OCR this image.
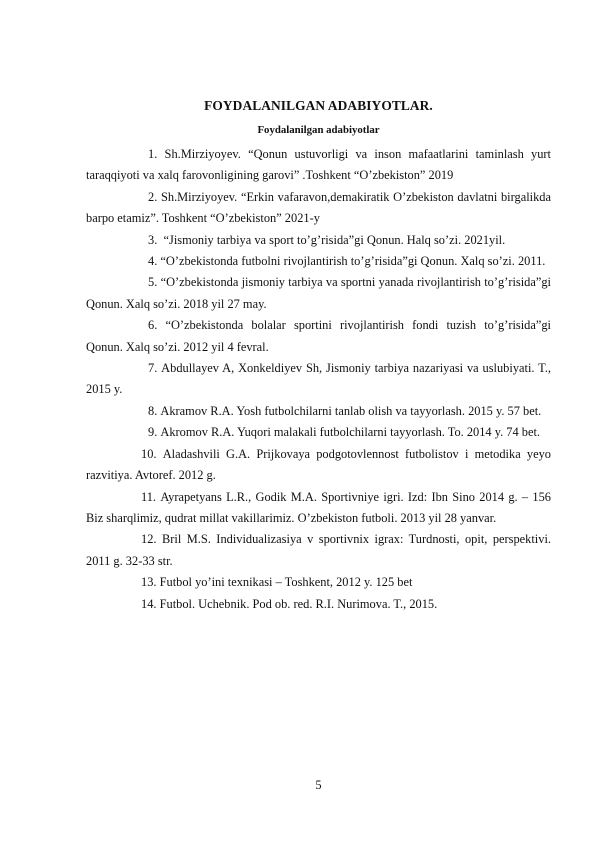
FOYDALANILGAN ADABIYOTLAR.
Foydalanilgan adabiyotlar

1. Sh.Mirziyoyev. “Qonun ustuvorligi va inson mafaatlarini taminlash yurt taraqqiyoti va xalq farovonligining garovi” .Toshkent “O’zbekiston” 2019

2. Sh.Mirziyoyev. “Erkin vafaravon,demakiratik O’zbekiston davlatni birgalikda barpo etamiz”. Toshkent “O’zbekiston” 2021-y

3.  “Jismoniy tarbiya va sport to’g’risida”gi Qonun. Halq so’zi. 2021yil.

4. “O’zbekistonda futbolni rivojlantirish to’g’risida”gi Qonun. Xalq so’zi. 2011.

5. “O’zbekistonda jismoniy tarbiya va sportni yanada rivojlantirish to’g’risida”gi Qonun. Xalq so’zi. 2018 yil 27 may.

6. “O’zbekistonda bolalar sportini rivojlantirish fondi tuzish to’g’risida”gi Qonun. Xalq so’zi. 2012 yil 4 fevral.

7. Abdullayev A, Xonkeldiyev Sh, Jismoniy tarbiya nazariyasi va uslubiyati. T., 2015 y.

8. Akramov R.A. Yosh futbolchilarni tanlab olish va tayyorlash. 2015 y. 57 bet.

9. Akromov R.A. Yuqori malakali futbolchilarni tayyorlash. To. 2014 y. 74 bet.

10. Aladashvili G.A. Prijkovaya podgotovlennost futbolistov i metodika yeyo razvitiya. Avtoref. 2012 g.

11. Ayrapetyans L.R., Godik M.A. Sportivniye igri. Izd: Ibn Sino 2014 g. – 156 Biz sharqlimiz, qudrat millat vakillarimiz. O’zbekiston futboli. 2013 yil 28 yanvar.

12. Bril M.S. Individualizasiya v sportivnix igrax: Turdnosti, opit, perspektivi. 2011 g. 32-33 str.

13. Futbol yo’ini texnikasi – Toshkent, 2012 y. 125 bet

14. Futbol. Uchebnik. Pod ob. red. R.I. Nurimova. T., 2015.

5
